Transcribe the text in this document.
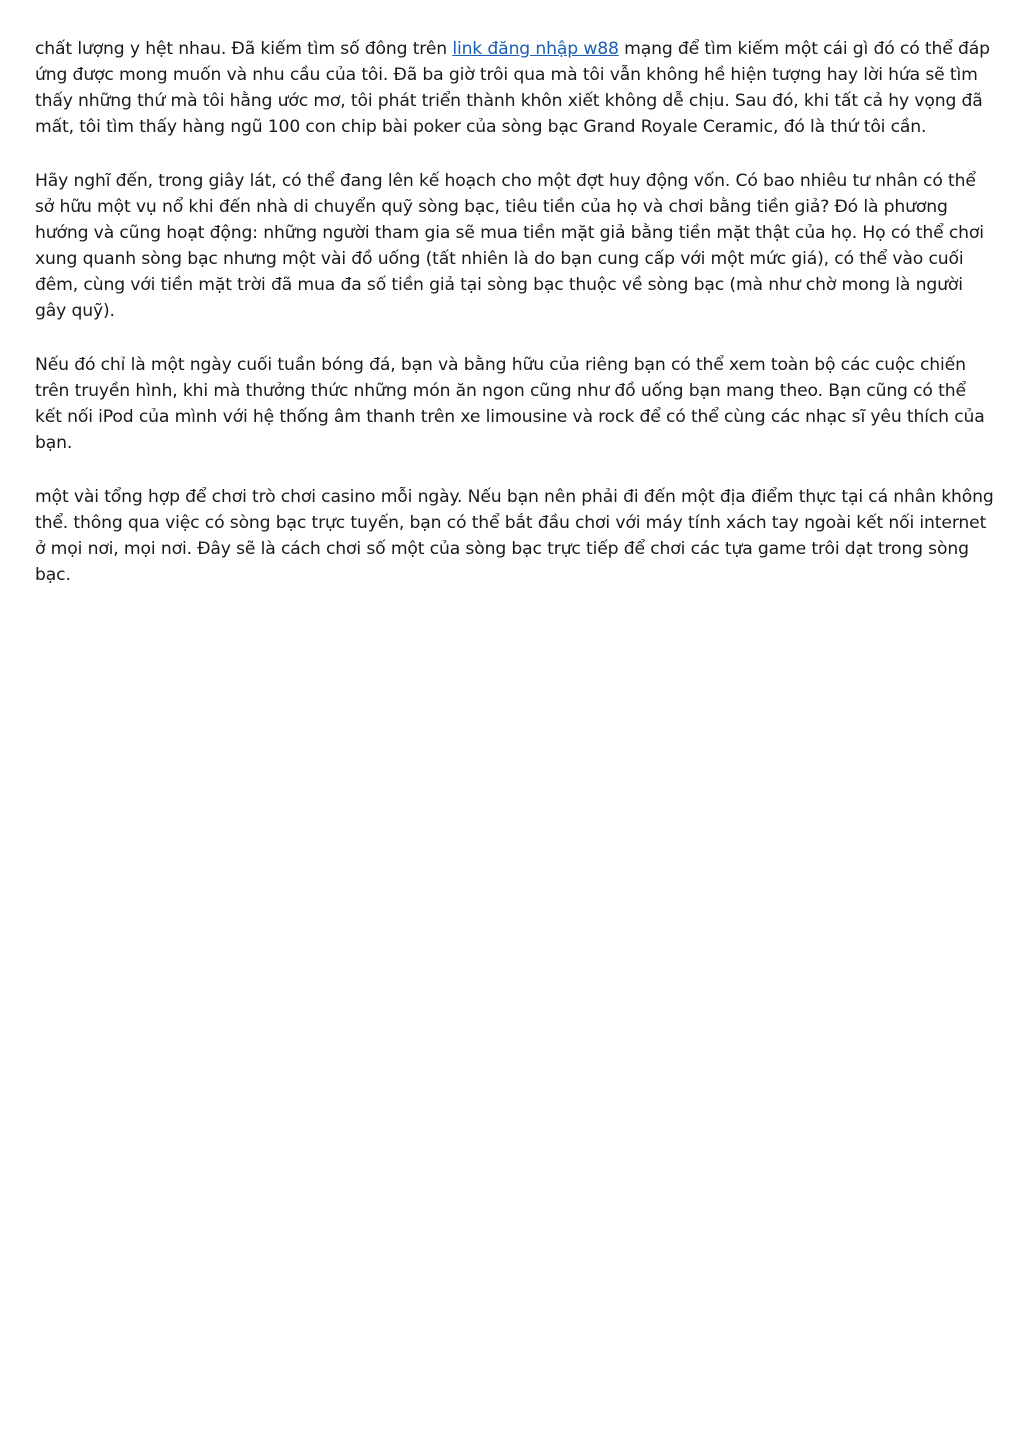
chất lượng y hệt nhau. Đã kiếm tìm số đông trên link đăng nhập w88 mạng để tìm kiếm một cái gì đó có thể đáp ứng được mong muốn và nhu cầu của tôi. Đã ba giờ trôi qua mà tôi vẫn không hề hiện tượng hay lời hứa sẽ tìm thấy những thứ mà tôi hằng ước mơ, tôi phát triển thành khôn xiết không dễ chịu. Sau đó, khi tất cả hy vọng đã mất, tôi tìm thấy hàng ngũ 100 con chip bài poker của sòng bạc Grand Royale Ceramic, đó là thứ tôi cần.

Hãy nghĩ đến, trong giây lát, có thể đang lên kế hoạch cho một đợt huy động vốn. Có bao nhiêu tư nhân có thể sở hữu một vụ nổ khi đến nhà di chuyển quỹ sòng bạc, tiêu tiền của họ và chơi bằng tiền giả? Đó là phương hướng và cũng hoạt động: những người tham gia sẽ mua tiền mặt giả bằng tiền mặt thật của họ. Họ có thể chơi xung quanh sòng bạc nhưng một vài đồ uống (tất nhiên là do bạn cung cấp với một mức giá), có thể vào cuối đêm, cùng với tiền mặt trời đã mua đa số tiền giả tại sòng bạc thuộc về sòng bạc (mà như chờ mong là người gây quỹ).

Nếu đó chỉ là một ngày cuối tuần bóng đá, bạn và bằng hữu của riêng bạn có thể xem toàn bộ các cuộc chiến trên truyền hình, khi mà thưởng thức những món ăn ngon cũng như đồ uống bạn mang theo. Bạn cũng có thể kết nối iPod của mình với hệ thống âm thanh trên xe limousine và rock để có thể cùng các nhạc sĩ yêu thích của bạn.

một vài tổng hợp để chơi trò chơi casino mỗi ngày. Nếu bạn nên phải đi đến một địa điểm thực tại cá nhân không thể. thông qua việc có sòng bạc trực tuyến, bạn có thể bắt đầu chơi với máy tính xách tay ngoài kết nối internet ở mọi nơi, mọi nơi. Đây sẽ là cách chơi số một của sòng bạc trực tiếp để chơi các tựa game trôi dạt trong sòng bạc.
